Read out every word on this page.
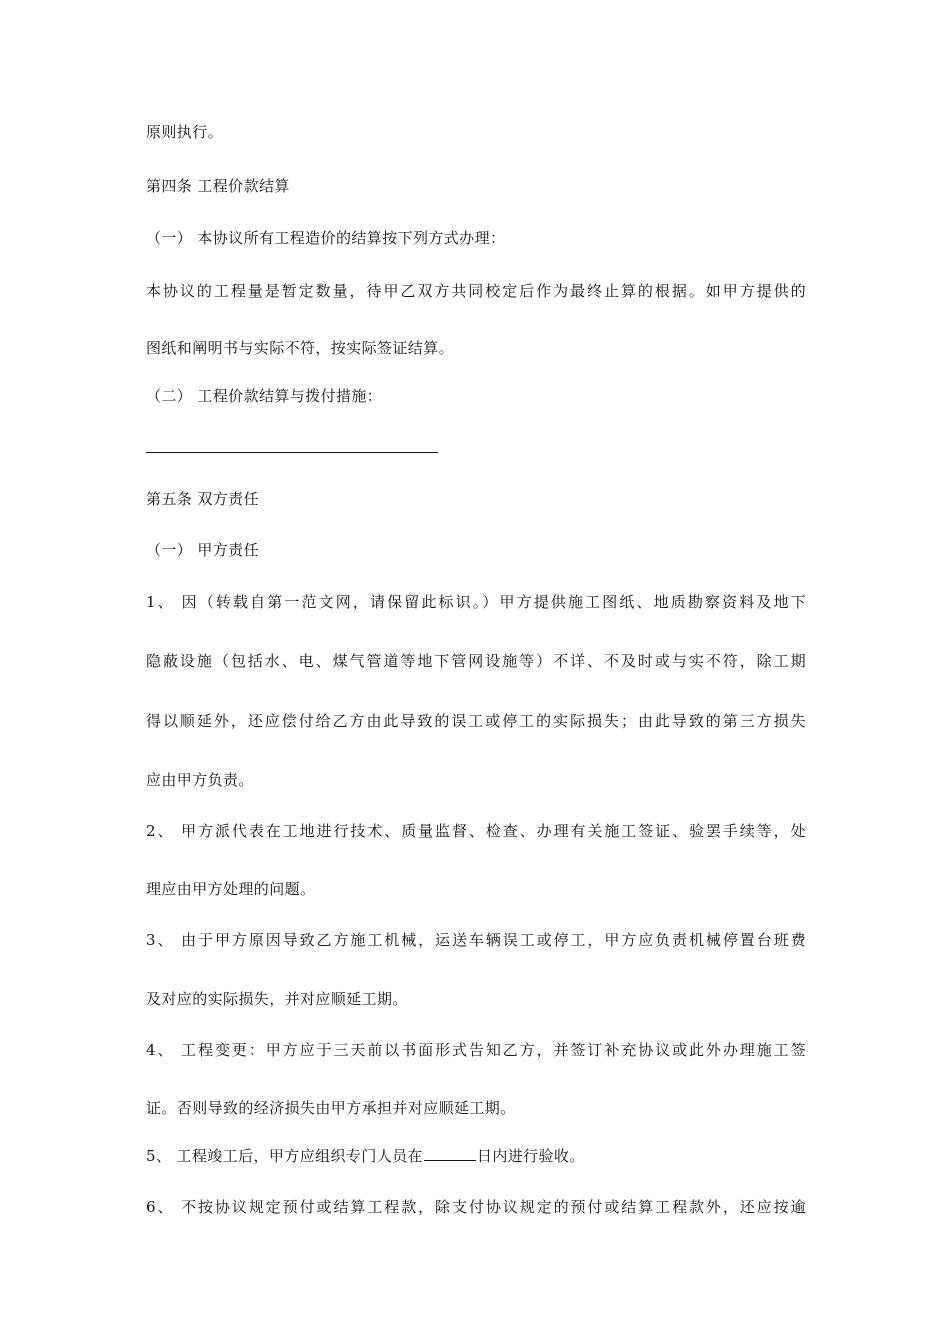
原则执行。
第四条 工程价款结算
（一） 本协议所有工程造价的结算按下列方式办理：
本协议的工程量是暂定数量，待甲乙双方共同校定后作为最终止算的根据。如甲方提供的
图纸和阐明书与实际不符，按实际签证结算。
（二） 工程价款结算与拨付措施：
第五条 双方责任
（一） 甲方责任
1、 因（转载自第一范文网，请保留此标识。）甲方提供施工图纸、地质勘察资料及地下
隐蔽设施（包括水、电、煤气管道等地下管网设施等）不详、不及时或与实不符，除工期
得以顺延外，还应偿付给乙方由此导致的误工或停工的实际损失；由此导致的第三方损失
应由甲方负责。
2、 甲方派代表在工地进行技术、质量监督、检查、办理有关施工签证、验罢手续等，处
理应由甲方处理的问题。
3、 由于甲方原因导致乙方施工机械，运送车辆误工或停工，甲方应负责机械停置台班费
及对应的实际损失，并对应顺延工期。
4、 工程变更：甲方应于三天前以书面形式告知乙方，并签订补充协议或此外办理施工签
证。否则导致的经济损失由甲方承担并对应顺延工期。
5、 工程竣工后，甲方应组织专门人员在	日内进行验收。
6、 不按协议规定预付或结算工程款，除支付协议规定的预付或结算工程款外，还应按逾
